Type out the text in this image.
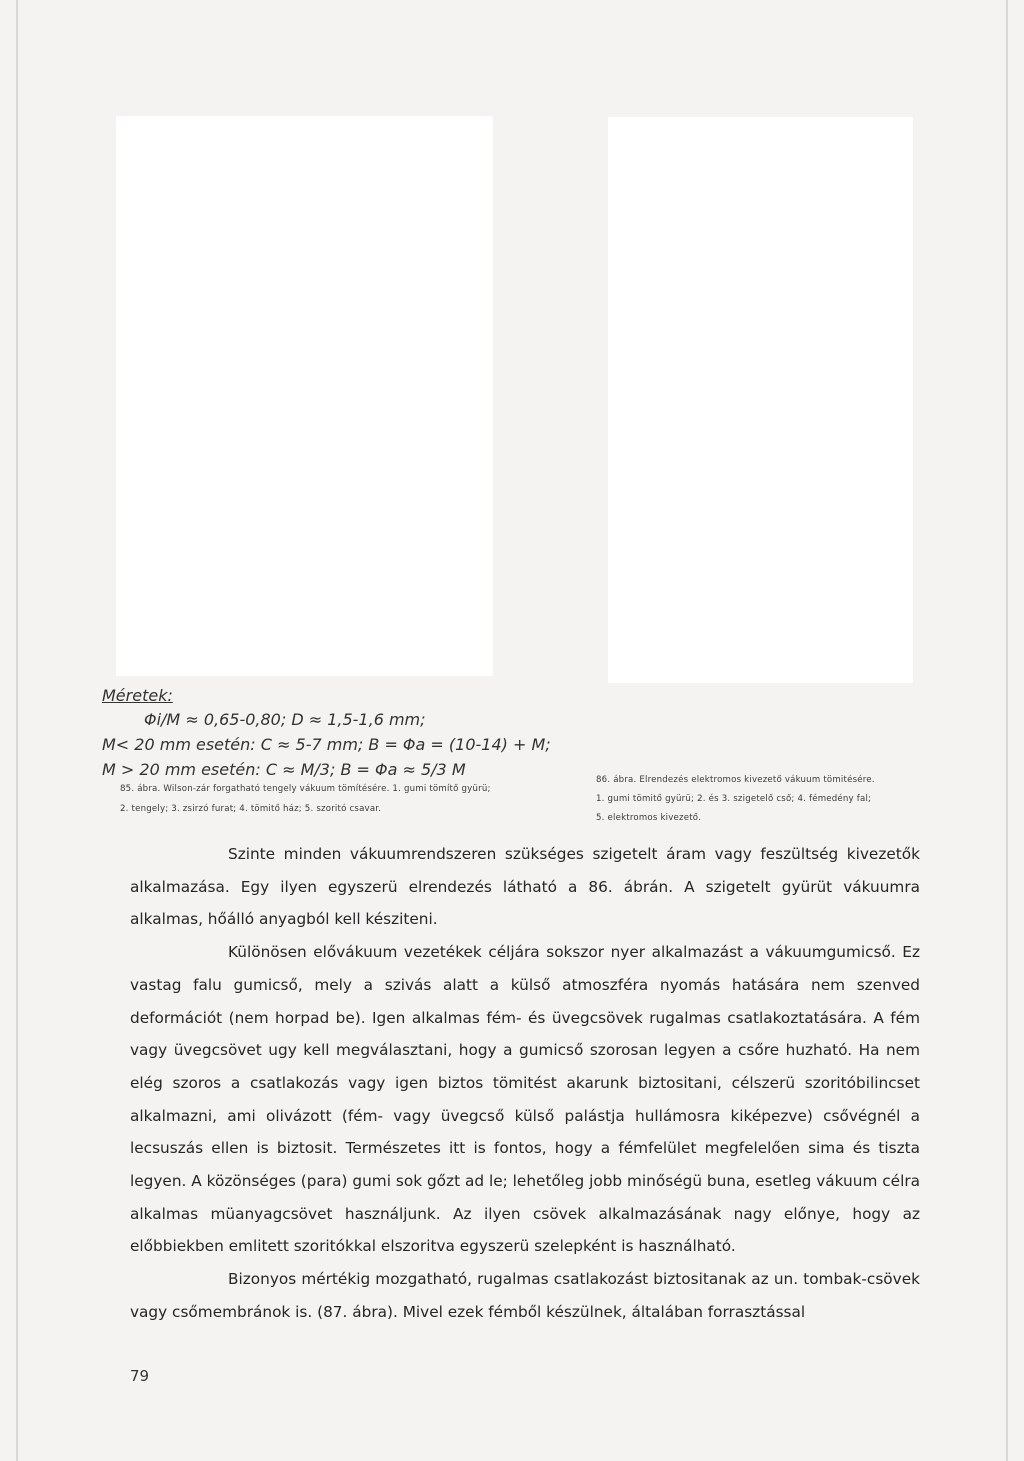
Méretek:
Φi/M ≈ 0,65-0,80; D ≈ 1,5-1,6 mm;
M< 20 mm esetén: C ≈ 5-7 mm; B = Φa = (10-14) + M;
M > 20 mm esetén: C ≈ M/3; B = Φa ≈ 5/3 M
85. ábra. Wilson-zár forgatható tengely vákuum tömítésére. 1. gumi tömítő gyürü;
2. tengely; 3. zsirzó furat; 4. tömitő ház; 5. szoritó csavar.
86. ábra. Elrendezés elektromos kivezető vákuum tömitésére.
1. gumi tömitő gyürü; 2. és 3. szigetelő cső; 4. fémedény fal;
5. elektromos kivezető.

Szinte minden vákuumrendszeren szükséges szigetelt áram vagy feszültség kivezetők alkalmazása. Egy ilyen egyszerü elrendezés látható a 86. ábrán. A szigetelt gyürüt vákuumra alkalmas, hőálló anyagból kell késziteni.

Különösen elővákuum vezetékek céljára sokszor nyer alkalmazást a vákuumgumicső. Ez vastag falu gumicső, mely a szivás alatt a külső atmoszféra nyomás hatására nem szenved deformációt (nem horpad be). Igen alkalmas fém- és üvegcsövek rugalmas csatlakoztatására. A fém vagy üvegcsövet ugy kell megválasztani, hogy a gumicső szorosan legyen a csőre huzható. Ha nem elég szoros a csatlakozás vagy igen biztos tömitést akarunk biztositani, célszerü szoritóbilincset alkalmazni, ami olivázott (fém- vagy üvegcső külső palástja hullámosra kiképezve) csővégnél a lecsuszás ellen is biztosit. Természetes itt is fontos, hogy a fémfelület megfelelően sima és tiszta legyen. A közönséges (para) gumi sok gőzt ad le; lehetőleg jobb minőségü buna, esetleg vákuum célra alkalmas müanyagcsövet használjunk. Az ilyen csövek alkalmazásának nagy előnye, hogy az előbbiekben emlitett szoritókkal elszoritva egyszerü szelepként is használható.

Bizonyos mértékig mozgatható, rugalmas csatlakozást biztositanak az un. tombak-csövek vagy csőmembránok is. (87. ábra). Mivel ezek fémből készülnek, általában forrasztással

79
